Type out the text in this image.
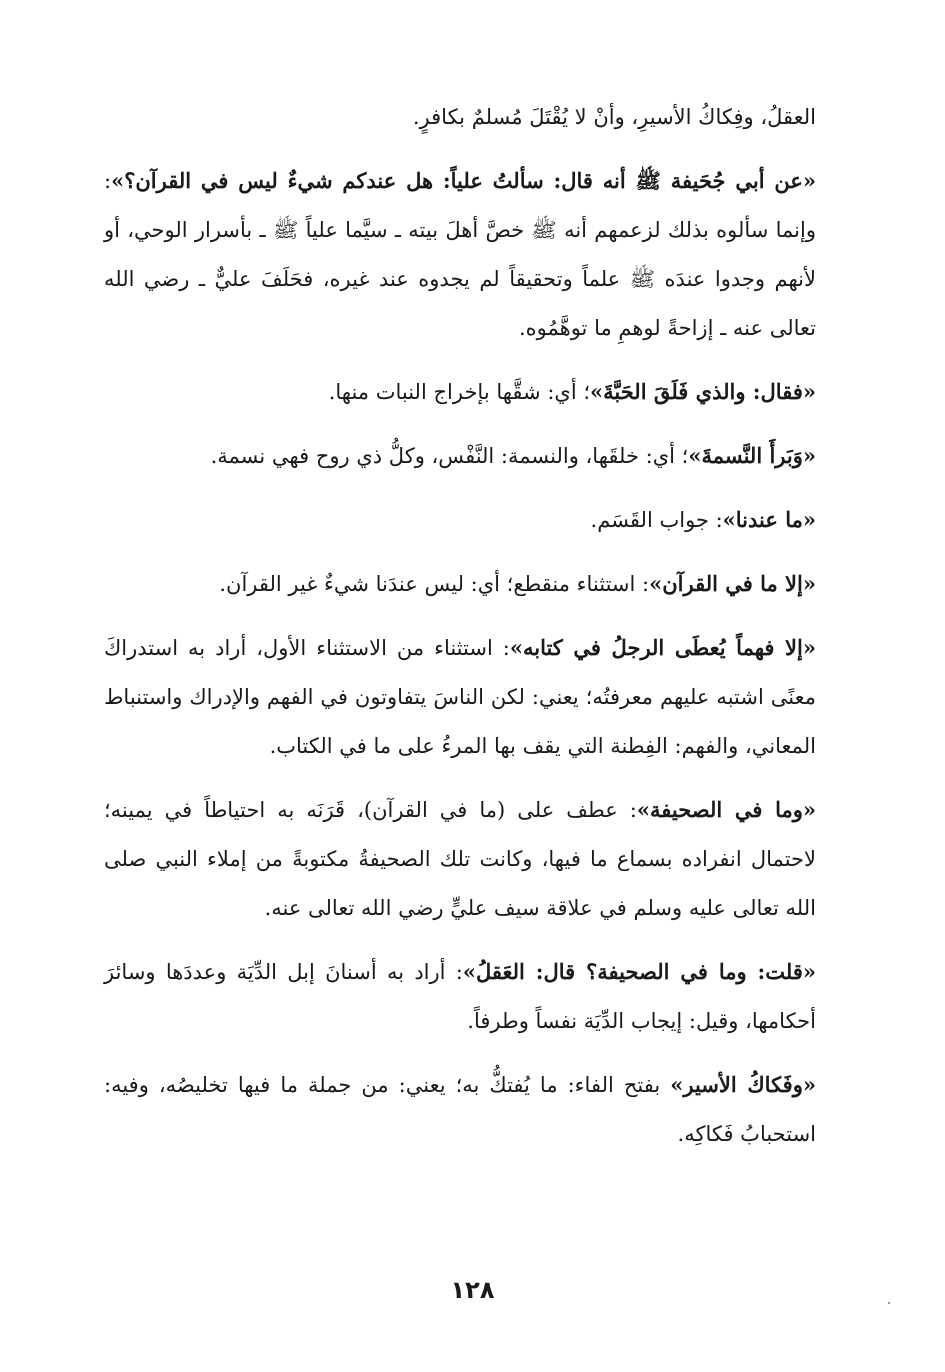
العقلُ، وفِكاكُ الأسيرِ، وأنْ لا يُقْتَلَ مُسلمٌ بكافرٍ.

«عن أبي جُحَيفة ﷺ أنه قال: سألتُ علياً: هل عندكم شيءٌ ليس في القرآن؟»: وإنما سألوه بذلك لزعمهم أنه ﷺ خصَّ أهلَ بيته ـ سيَّما علياً ﷺ ـ بأسرار الوحي، أو لأنهم وجدوا عندَه ﷺ علماً وتحقيقاً لم يجدوه عند غيره، فحَلَفَ عليٌّ ـ رضي الله تعالى عنه ـ إزاحةً لوهمِ ما توهَّمُوه.

«فقال: والذي فَلَقَ الحَبَّةَ»؛ أي: شقَّها بإخراج النبات منها.

«وَبَرأَ النَّسمةَ»؛ أي: خلقَها، والنسمة: النَّفْس، وكلُّ ذي روح فهي نسمة.

«ما عندنا»: جواب القَسَم.

«إلا ما في القرآن»: استثناء منقطع؛ أي: ليس عندَنا شيءٌ غير القرآن.

«إلا فهماً يُعطَى الرجلُ في كتابه»: استثناء من الاستثناء الأول، أراد به استدراكَ معنًى اشتبه عليهم معرفتُه؛ يعني: لكن الناسَ يتفاوتون في الفهم والإدراك واستنباط المعاني، والفهم: الفِطنة التي يقف بها المرءُ على ما في الكتاب.

«وما في الصحيفة»: عطف على (ما في القرآن)، قَرَنَه به احتياطاً في يمينه؛ لاحتمال انفراده بسماع ما فيها، وكانت تلك الصحيفةُ مكتوبةً من إملاء النبي صلى الله تعالى عليه وسلم في علاقة سيف عليٍّ رضي الله تعالى عنه.

«قلت: وما في الصحيفة؟ قال: العَقلُ»: أراد به أسنانَ إبل الدِّيَة وعددَها وسائرَ أحكامها، وقيل: إيجاب الدِّيَة نفساً وطرفاً.

«وفَكاكُ الأسير» بفتح الفاء: ما يُفتكُّ به؛ يعني: من جملة ما فيها تخليصُه، وفيه: استحبابُ فَكاكِه.

١٢٨
